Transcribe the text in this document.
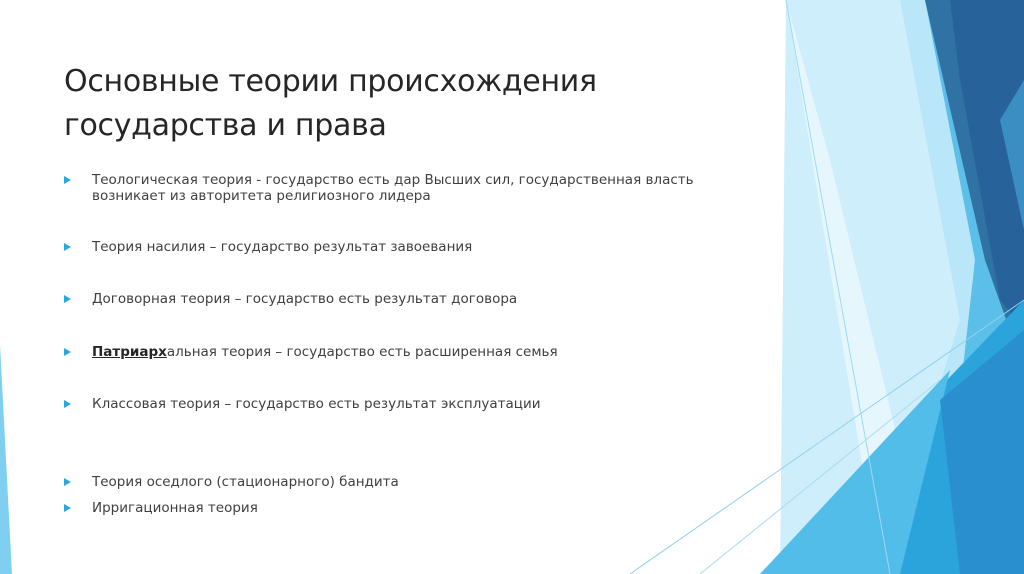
Основные теории происхождения
государства и права
Теологическая теория - государство есть дар Высших сил, государственная власть
возникает из авторитета религиозного лидера
Теория насилия – государство результат завоевания
Договорная теория – государство есть результат договора
Патриархальная теория – государство есть расширенная семья
Классовая теория – государство есть результат эксплуатации
Теория оседлого (стационарного) бандита
Ирригационная теория
